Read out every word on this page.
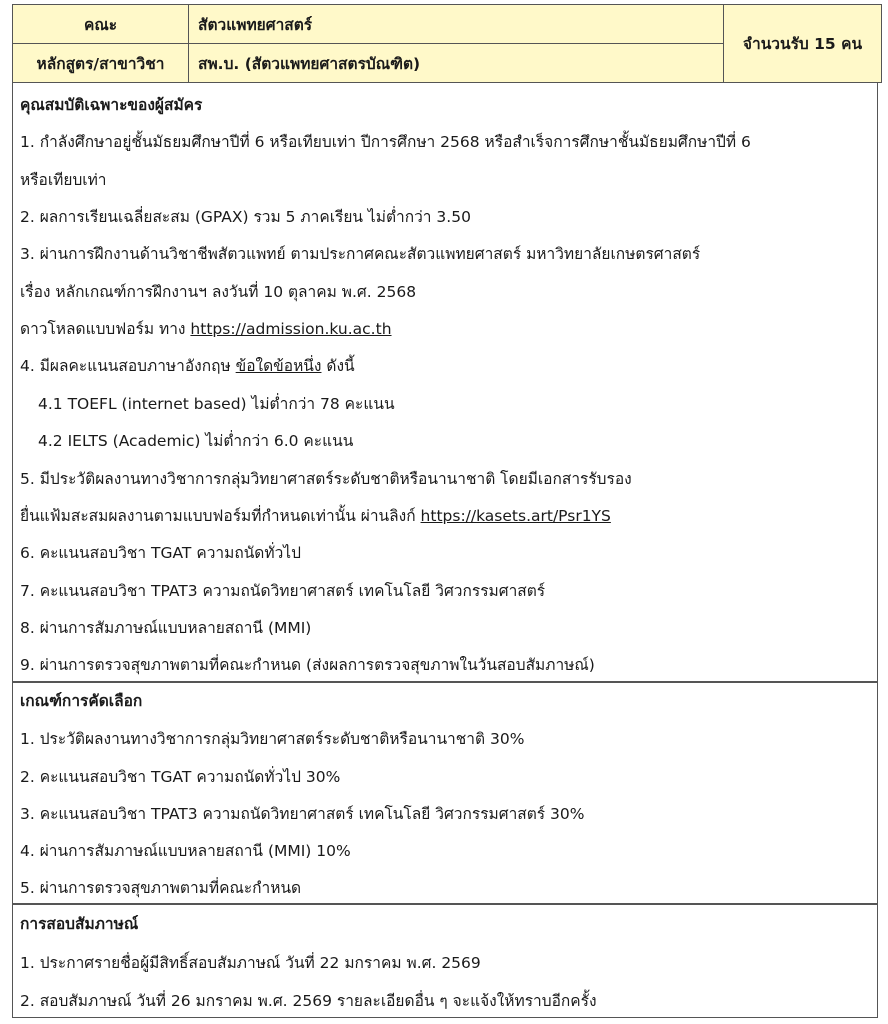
คณะ	สัตวแพทยศาสตร์	จำนวนรับ 15 คน
หลักสูตร/สาขาวิชา	สพ.บ. (สัตวแพทยศาสตรบัณฑิต)	
คุณสมบัติเฉพาะของผู้สมัคร
1. กำลังศึกษาอยู่ชั้นมัธยมศึกษาปีที่ 6 หรือเทียบเท่า ปีการศึกษา 2568 หรือสำเร็จการศึกษาชั้นมัธยมศึกษาปีที่ 6
หรือเทียบเท่า
2. ผลการเรียนเฉลี่ยสะสม (GPAX) รวม 5 ภาคเรียน ไม่ต่ำกว่า 3.50
3. ผ่านการฝึกงานด้านวิชาชีพสัตวแพทย์ ตามประกาศคณะสัตวแพทยศาสตร์ มหาวิทยาลัยเกษตรศาสตร์
เรื่อง หลักเกณฑ์การฝึกงานฯ ลงวันที่ 10 ตุลาคม พ.ศ. 2568
ดาวโหลดแบบฟอร์ม ทาง https://admission.ku.ac.th
4. มีผลคะแนนสอบภาษาอังกฤษ ข้อใดข้อหนึ่ง ดังนี้
4.1 TOEFL (internet based) ไม่ต่ำกว่า 78 คะแนน
4.2 IELTS (Academic) ไม่ต่ำกว่า 6.0 คะแนน
5. มีประวัติผลงานทางวิชาการกลุ่มวิทยาศาสตร์ระดับชาติหรือนานาชาติ โดยมีเอกสารรับรอง
ยื่นแฟ้มสะสมผลงานตามแบบฟอร์มที่กำหนดเท่านั้น ผ่านลิงก์ https://kasets.art/Psr1YS
6. คะแนนสอบวิชา TGAT ความถนัดทั่วไป
7. คะแนนสอบวิชา TPAT3 ความถนัดวิทยาศาสตร์ เทคโนโลยี วิศวกรรมศาสตร์
8. ผ่านการสัมภาษณ์แบบหลายสถานี (MMI)
9. ผ่านการตรวจสุขภาพตามที่คณะกำหนด (ส่งผลการตรวจสุขภาพในวันสอบสัมภาษณ์)
เกณฑ์การคัดเลือก
1. ประวัติผลงานทางวิชาการกลุ่มวิทยาศาสตร์ระดับชาติหรือนานาชาติ 30%
2. คะแนนสอบวิชา TGAT ความถนัดทั่วไป 30%
3. คะแนนสอบวิชา TPAT3 ความถนัดวิทยาศาสตร์ เทคโนโลยี วิศวกรรมศาสตร์ 30%
4. ผ่านการสัมภาษณ์แบบหลายสถานี (MMI) 10%
5. ผ่านการตรวจสุขภาพตามที่คณะกำหนด
การสอบสัมภาษณ์
1. ประกาศรายชื่อผู้มีสิทธิ์สอบสัมภาษณ์ วันที่ 22 มกราคม พ.ศ. 2569
2. สอบสัมภาษณ์ วันที่ 26 มกราคม พ.ศ. 2569 รายละเอียดอื่น ๆ จะแจ้งให้ทราบอีกครั้ง
